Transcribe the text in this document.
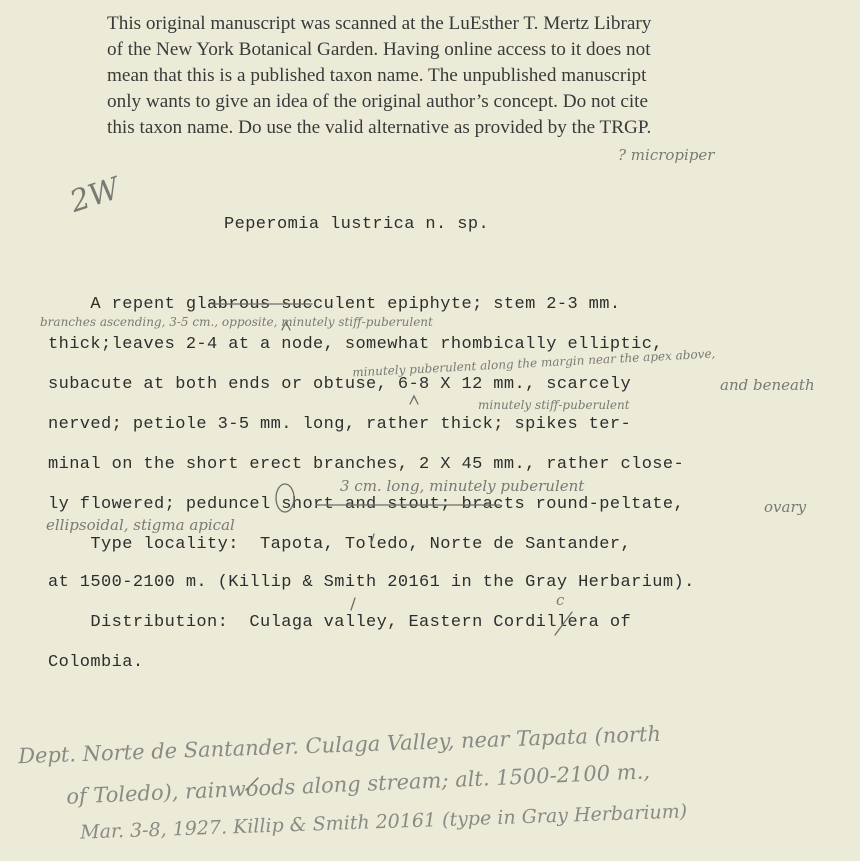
This original manuscript was scanned at the LuEsther T. Mertz Library
of the New York Botanical Garden. Having online access to it does not
mean that this is a published taxon name. The unpublished manuscript
only wants to give an idea of the original author’s concept. Do not cite
this taxon name. Do use the valid alternative as provided by the TRGP.
? micropiper
2W
Peperomia lustrica n. sp.
A repent glabrous succulent epiphyte; stem 2-3 mm.
branches ascending, 3-5 cm., opposite, minutely stiff-puberulent
thick;leaves 2-4 at a node, somewhat rhombically elliptic,
minutely puberulent along the margin near the apex above,
and beneath
subacute at both ends or obtuse, 6-8 X 12 mm., scarcely
minutely stiff-puberulent
nerved; petiole 3-5 mm. long, rather thick; spikes ter-
minal on the short erect branches, 2 X 45 mm., rather close-
3 cm. long, minutely puberulent
ly flowered; peduncel short and stout; bracts round-peltate,	ovary
ellipsoidal, stigma apical
Type locality:  Tapota, Toledo, Norte de Santander,
at 1500-2100 m. (Killip & Smith 20161 in the Gray Herbarium).
c
Distribution:  Culaga valley, Eastern Cordillera of
Colombia.
Dept. Norte de Santander. Culaga Valley, near Tapata (north
of Toledo), rainwoods along stream; alt. 1500-2100 m.,
Mar. 3-8, 1927. Killip & Smith 20161 (type in Gray Herbarium)
